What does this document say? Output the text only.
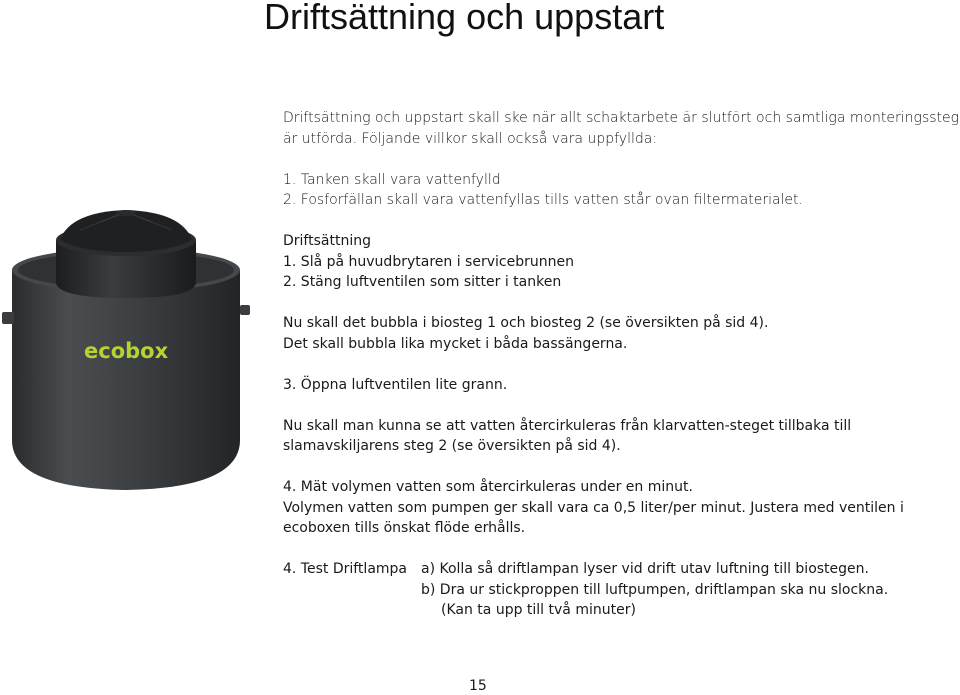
Driftsättning och uppstart
ecobox
Driftsättning och uppstart skall ske när allt schaktarbete är slutfört och samtliga monteringssteg
är utförda. Följande villkor skall också vara uppfyllda:
1. Tanken skall vara vattenfylld
2. Fosforfällan skall vara vattenfyllas tills vatten står ovan filtermaterialet.
Driftsättning
1. Slå på huvudbrytaren i servicebrunnen
2. Stäng luftventilen som sitter i tanken
Nu skall det bubbla i biosteg 1 och biosteg 2 (se översikten på sid 4).
Det skall bubbla lika mycket i båda bassängerna.
3. Öppna luftventilen lite grann.
Nu skall man kunna se att vatten återcirkuleras från klarvatten-steget tillbaka till
slamavskiljarens steg 2 (se översikten på sid 4).
4. Mät volymen vatten som återcirkuleras under en minut.
Volymen vatten som pumpen ger skall vara ca 0,5 liter/per minut. Justera med ventilen i
ecoboxen tills önskat flöde erhålls.
4. Test Driftlampa	a) Kolla så driftlampan lyser vid drift utav luftning till biostegen.
b) Dra ur stickproppen till luftpumpen, driftlampan ska nu slockna.
(Kan ta upp till två minuter)
15
